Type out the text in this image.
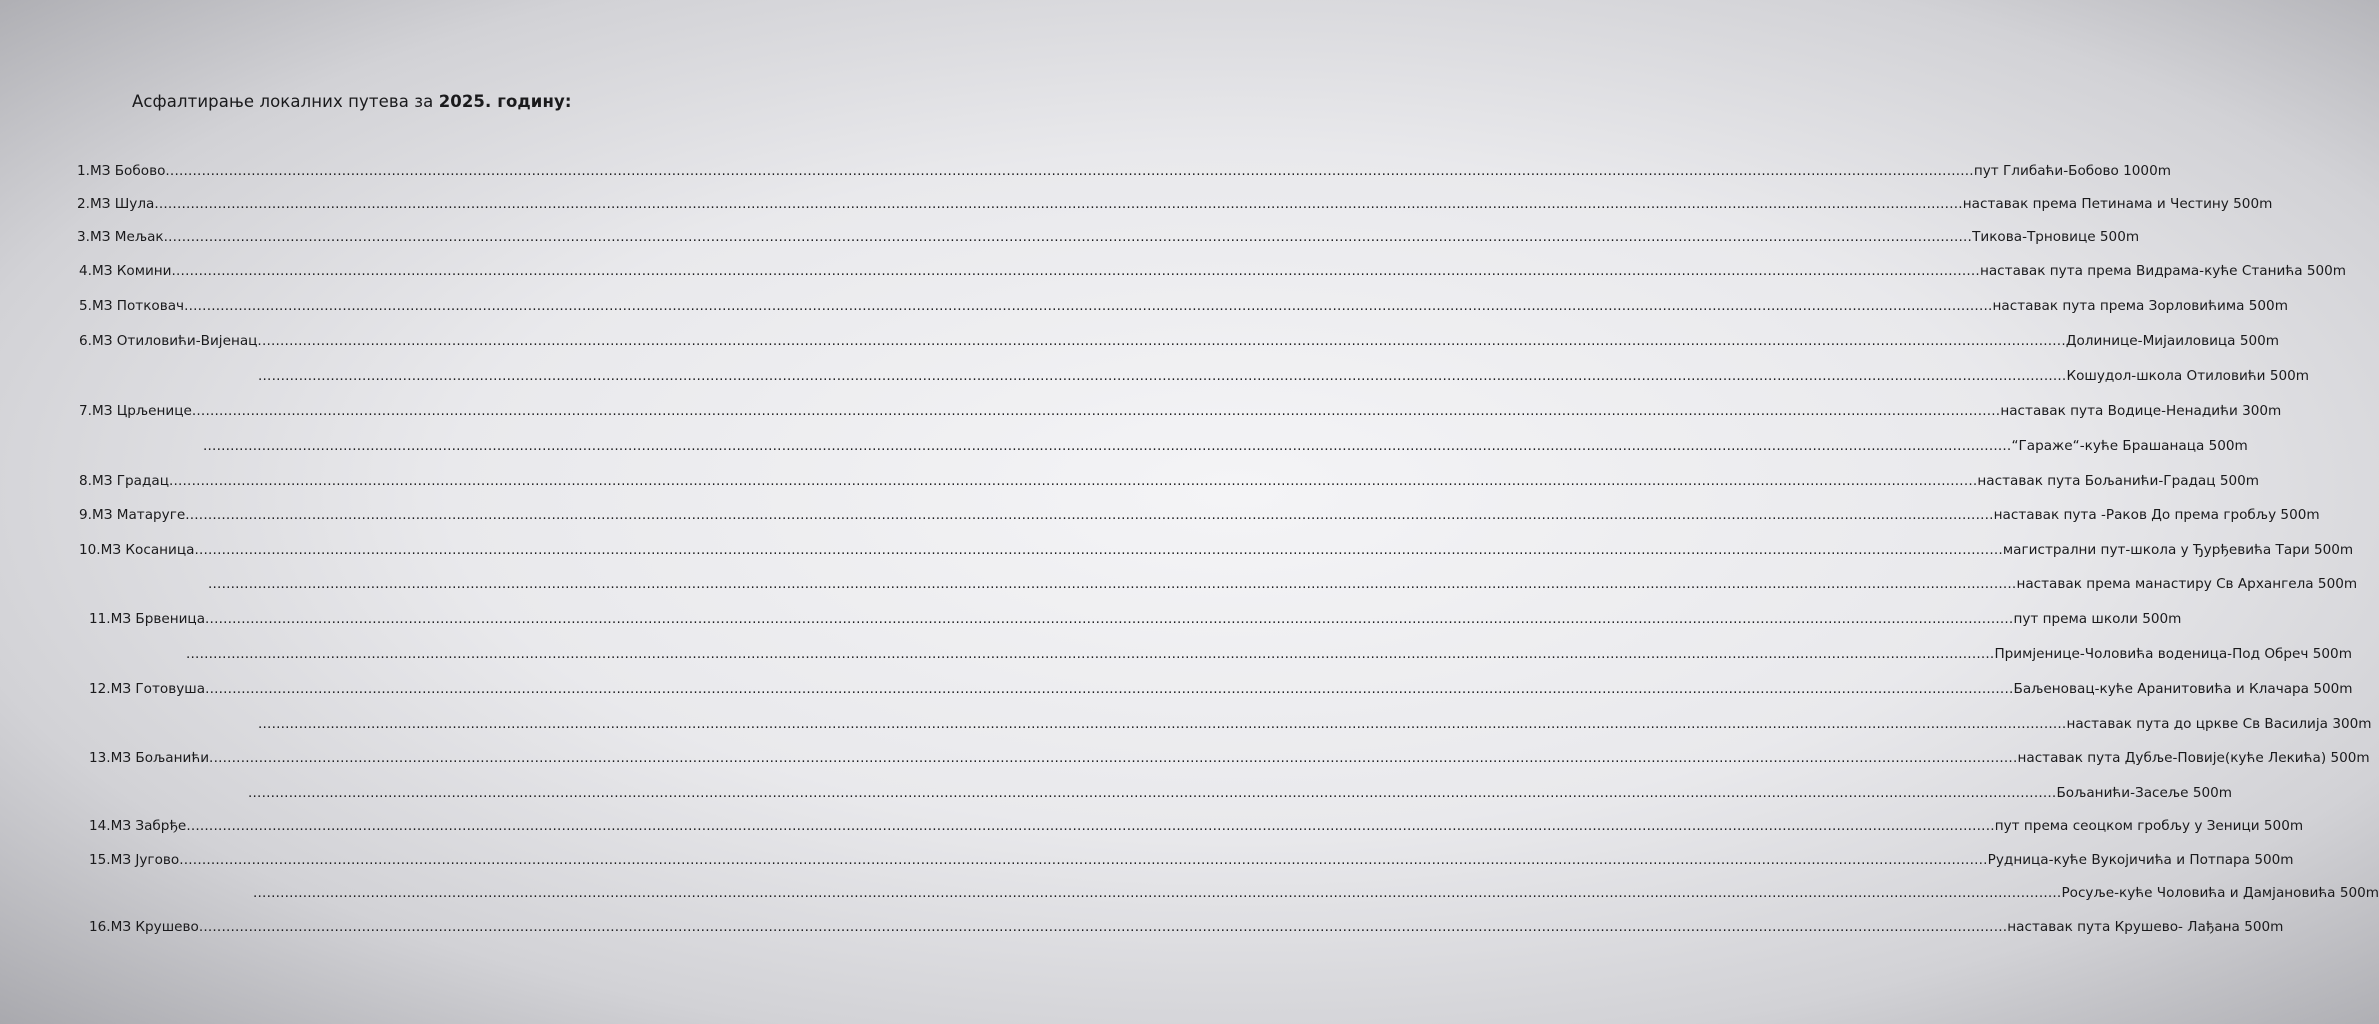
Асфалтирање локалних путева за 2025. годину:
1.МЗ Бобово ................................................................................................................................................................................................................................................................................................................................................................................................................ пут Глибаћи-Бобово 1000m
2.МЗ Шула ................................................................................................................................................................................................................................................................................................................................................................................................................ наставак према Петинама и Честину 500m
3.МЗ Мељак ................................................................................................................................................................................................................................................................................................................................................................................................................ Тикова-Трновице 500m
4.МЗ Комини ................................................................................................................................................................................................................................................................................................................................................................................................................ наставак пута према Видрама-куће Станића 500m
5.МЗ Потковач ................................................................................................................................................................................................................................................................................................................................................................................................................ наставак пута према Зорловићима 500m
6.МЗ Отиловићи-Вијенац ................................................................................................................................................................................................................................................................................................................................................................................................................ Долинице-Мијаиловица 500m
................................................................................................................................................................................................................................................................................................................................................................................................................ Кошудол-школа Отиловићи 500m
7.МЗ Црљенице ................................................................................................................................................................................................................................................................................................................................................................................................................ наставак пута Водице-Ненадићи 300m
................................................................................................................................................................................................................................................................................................................................................................................................................ “Гараже“-куће Брашанаца 500m
8.МЗ Градац ................................................................................................................................................................................................................................................................................................................................................................................................................ наставак пута Бољанићи-Градац 500m
9.МЗ Матаруге ................................................................................................................................................................................................................................................................................................................................................................................................................ наставак пута -Раков До према гробљу 500m
10.МЗ Косаница ................................................................................................................................................................................................................................................................................................................................................................................................................ магистрални пут-школа у Ђурђевића Тари 500m
................................................................................................................................................................................................................................................................................................................................................................................................................ наставак према манастиру Св Архангела 500m
11.МЗ Брвеница ................................................................................................................................................................................................................................................................................................................................................................................................................ пут према школи 500m
................................................................................................................................................................................................................................................................................................................................................................................................................ Примјенице-Чоловића воденица-Под Обреч 500m
12.МЗ Готовуша ................................................................................................................................................................................................................................................................................................................................................................................................................ Баљеновац-куће Аранитовића и Клачара 500m
................................................................................................................................................................................................................................................................................................................................................................................................................ наставак пута до цркве Св Василија 300m
13.МЗ Бољанићи ................................................................................................................................................................................................................................................................................................................................................................................................................ наставак пута Дубље-Повије(куће Лекића) 500m
................................................................................................................................................................................................................................................................................................................................................................................................................ Бољанићи-Засеље 500m
14.МЗ Забрђе ................................................................................................................................................................................................................................................................................................................................................................................................................ пут према сеоцком гробљу у Зеници 500m
15.МЗ Југово ................................................................................................................................................................................................................................................................................................................................................................................................................ Рудница-куће Вукојичића и Потпара 500m
................................................................................................................................................................................................................................................................................................................................................................................................................ Росуље-куће Чоловића и Дамјановића 500m
16.МЗ Крушево ................................................................................................................................................................................................................................................................................................................................................................................................................ наставак пута Крушево- Лађана 500m
